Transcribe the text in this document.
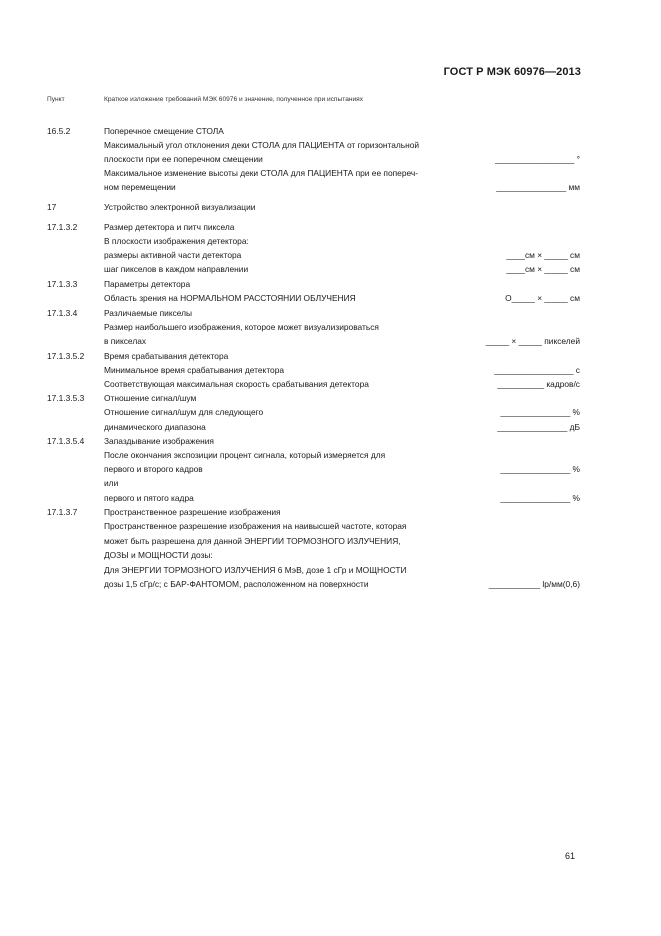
ГОСТ Р МЭК 60976—2013
Пункт	Краткое изложение требований МЭК 60976 и значение, полученное при испытаниях
16.5.2	Поперечное смещение СТОЛА
Максимальный угол отклонения деки СТОЛА для ПАЦИЕНТА от горизонтальной
плоскости при ее поперечном смещении	_________________ °
Максимальное изменение высоты деки СТОЛА для ПАЦИЕНТА при ее попереч-
ном перемещении	_______________ мм
17	Устройство электронной визуализации
17.1.3.2	Размер детектора и питч пиксела
В плоскости изображения детектора:
размеры активной части детектора	____см × _____ см
шаг пикселов в каждом направлении	____см × _____ см
17.1.3.3	Параметры детектора
Область зрения на НОРМАЛЬНОМ РАССТОЯНИИ ОБЛУЧЕНИЯ	О_____ × _____ см
17.1.3.4	Различаемые пикселы
Размер наибольшего изображения, которое может визуализироваться
в пикселах	_____ × _____ пикселей
17.1.3.5.2 Время срабатывания детектора
Минимальное время срабатывания детектора	_________________ с
Соответствующая максимальная скорость срабатывания детектора	__________ кадров/с
17.1.3.5.3 Отношение сигнал/шум
Отношение сигнал/шум для следующего	_______________ %
динамического диапазона	_______________ дБ
17.1.3.5.4 Запаздывание изображения
После окончания экспозиции процент сигнала, который измеряется для
первого и второго кадров	_______________ %
или
первого и пятого кадра	_______________ %
17.1.3.7	Пространственное разрешение изображения
Пространственное разрешение изображения на наивысшей частоте, которая
может быть разрешена для данной ЭНЕРГИИ ТОРМОЗНОГО ИЗЛУЧЕНИЯ,
ДОЗЫ и МОЩНОСТИ дозы:
Для ЭНЕРГИИ ТОРМОЗНОГО ИЗЛУЧЕНИЯ 6 МэВ, дозе 1 сГр и МОЩНОСТИ
дозы 1,5 сГр/с; с БАР-ФАНТОМОМ, расположенном на поверхности	___________ lp/мм(0,6)
61
